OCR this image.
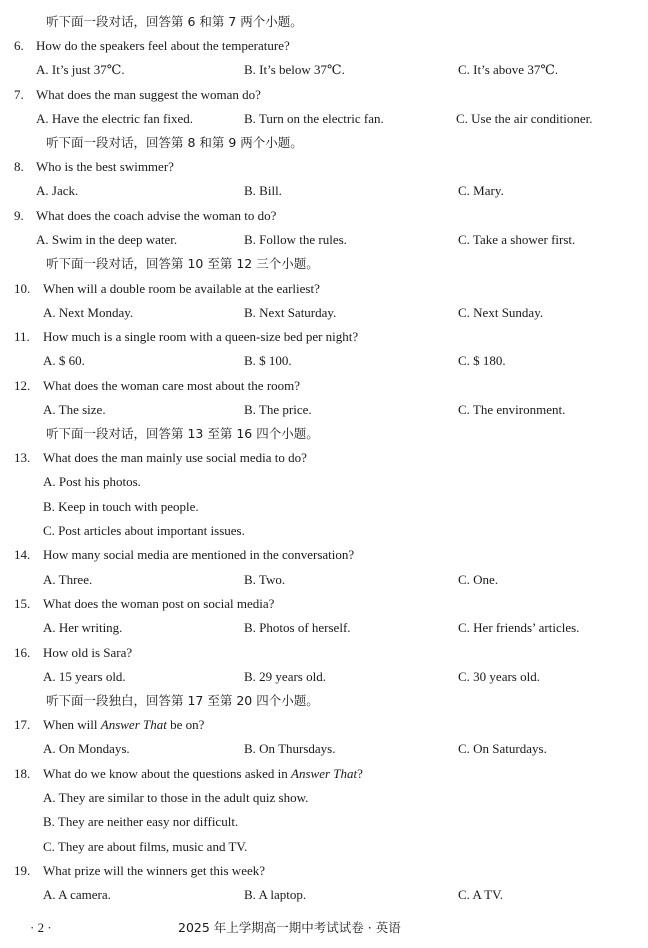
听下面一段对话，回答第 6 和第 7 两个小题。
6. How do the speakers feel about the temperature?
A. It’s just 37℃.	B. It’s below 37℃.	C. It’s above 37℃.
7. What does the man suggest the woman do?
A. Have the electric fan fixed.	B. Turn on the electric fan.	C. Use the air conditioner.
听下面一段对话，回答第 8 和第 9 两个小题。
8. Who is the best swimmer?
A. Jack.	B. Bill.	C. Mary.
9. What does the coach advise the woman to do?
A. Swim in the deep water.	B. Follow the rules.	C. Take a shower first.
听下面一段对话，回答第 10 至第 12 三个小题。
10. When will a double room be available at the earliest?
A. Next Monday.	B. Next Saturday.	C. Next Sunday.
11. How much is a single room with a queen-size bed per night?
A. $ 60.	B. $ 100.	C. $ 180.
12. What does the woman care most about the room?
A. The size.	B. The price.	C. The environment.
听下面一段对话，回答第 13 至第 16 四个小题。
13. What does the man mainly use social media to do?
A. Post his photos.
B. Keep in touch with people.
C. Post articles about important issues.
14. How many social media are mentioned in the conversation?
A. Three.	B. Two.	C. One.
15. What does the woman post on social media?
A. Her writing.	B. Photos of herself.	C. Her friends’ articles.
16. How old is Sara?
A. 15 years old.	B. 29 years old.	C. 30 years old.
听下面一段独白，回答第 17 至第 20 四个小题。
17. When will Answer That be on?
A. On Mondays.	B. On Thursdays.	C. On Saturdays.
18. What do we know about the questions asked in Answer That?
A. They are similar to those in the adult quiz show.
B. They are neither easy nor difficult.
C. They are about films, music and TV.
19. What prize will the winners get this week?
A. A camera.	B. A laptop.	C. A TV.
· 2 ·	2025 年上学期高一期中考试试卷 · 英语
